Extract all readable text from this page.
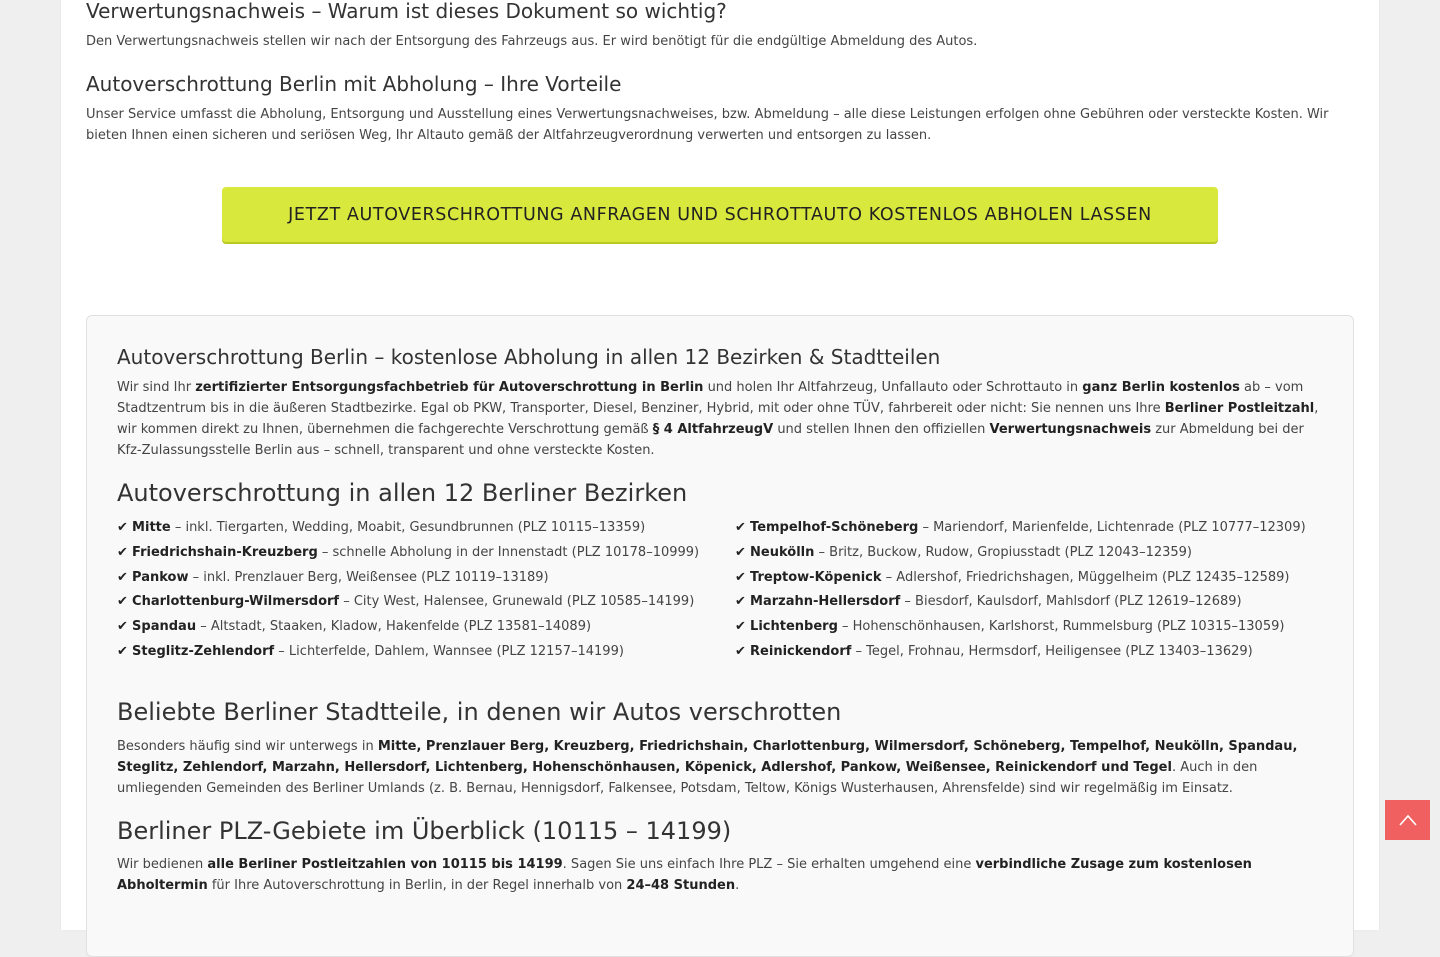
Verwertungsnachweis – Warum ist dieses Dokument so wichtig?

Den Verwertungsnachweis stellen wir nach der Entsorgung des Fahrzeugs aus. Er wird benötigt für die endgültige Abmeldung des Autos.

Autoverschrottung Berlin mit Abholung – Ihre Vorteile

Unser Service umfasst die Abholung, Entsorgung und Ausstellung eines Verwertungsnachweises, bzw. Abmeldung – alle diese Leistungen erfolgen ohne Gebühren oder versteckte Kosten. Wir bieten Ihnen einen sicheren und seriösen Weg, Ihr Altauto gemäß der Altfahrzeugverordnung verwerten und entsorgen zu lassen.

JETZT AUTOVERSCHROTTUNG ANFRAGEN UND SCHROTTAUTO KOSTENLOS ABHOLEN LASSEN
Autoverschrottung Berlin – kostenlose Abholung in allen 12 Bezirken & Stadtteilen

Wir sind Ihr zertifizierter Entsorgungsfachbetrieb für Autoverschrottung in Berlin und holen Ihr Altfahrzeug, Unfallauto oder Schrottauto in ganz Berlin kostenlos ab – vom Stadtzentrum bis in die äußeren Stadtbezirke. Egal ob PKW, Transporter, Diesel, Benziner, Hybrid, mit oder ohne TÜV, fahrbereit oder nicht: Sie nennen uns Ihre Berliner Postleitzahl, wir kommen direkt zu Ihnen, übernehmen die fachgerechte Verschrottung gemäß § 4 AltfahrzeugV und stellen Ihnen den offiziellen Verwertungsnachweis zur Abmeldung bei der Kfz-Zulassungsstelle Berlin aus – schnell, transparent und ohne versteckte Kosten.

Autoverschrottung in allen 12 Berliner Bezirken
✔ Mitte – inkl. Tiergarten, Wedding, Moabit, Gesundbrunnen (PLZ 10115–13359)
✔ Friedrichshain-Kreuzberg – schnelle Abholung in der Innenstadt (PLZ 10178–10999)
✔ Pankow – inkl. Prenzlauer Berg, Weißensee (PLZ 10119–13189)
✔ Charlottenburg-Wilmersdorf – City West, Halensee, Grunewald (PLZ 10585–14199)
✔ Spandau – Altstadt, Staaken, Kladow, Hakenfelde (PLZ 13581–14089)
✔ Steglitz-Zehlendorf – Lichterfelde, Dahlem, Wannsee (PLZ 12157–14199)
✔ Tempelhof-Schöneberg – Mariendorf, Marienfelde, Lichtenrade (PLZ 10777–12309)
✔ Neukölln – Britz, Buckow, Rudow, Gropiusstadt (PLZ 12043–12359)
✔ Treptow-Köpenick – Adlershof, Friedrichshagen, Müggelheim (PLZ 12435–12589)
✔ Marzahn-Hellersdorf – Biesdorf, Kaulsdorf, Mahlsdorf (PLZ 12619–12689)
✔ Lichtenberg – Hohenschönhausen, Karlshorst, Rummelsburg (PLZ 10315–13059)
✔ Reinickendorf – Tegel, Frohnau, Hermsdorf, Heiligensee (PLZ 13403–13629)
Beliebte Berliner Stadtteile, in denen wir Autos verschrotten

Besonders häufig sind wir unterwegs in Mitte, Prenzlauer Berg, Kreuzberg, Friedrichshain, Charlottenburg, Wilmersdorf, Schöneberg, Tempelhof, Neukölln, Spandau, Steglitz, Zehlendorf, Marzahn, Hellersdorf, Lichtenberg, Hohenschönhausen, Köpenick, Adlershof, Pankow, Weißensee, Reinickendorf und Tegel. Auch in den umliegenden Gemeinden des Berliner Umlands (z. B. Bernau, Hennigsdorf, Falkensee, Potsdam, Teltow, Königs Wusterhausen, Ahrensfelde) sind wir regelmäßig im Einsatz.

Berliner PLZ-Gebiete im Überblick (10115 – 14199)

Wir bedienen alle Berliner Postleitzahlen von 10115 bis 14199. Sagen Sie uns einfach Ihre PLZ – Sie erhalten umgehend eine verbindliche Zusage zum kostenlosen Abholtermin für Ihre Autoverschrottung in Berlin, in der Regel innerhalb von 24–48 Stunden.
